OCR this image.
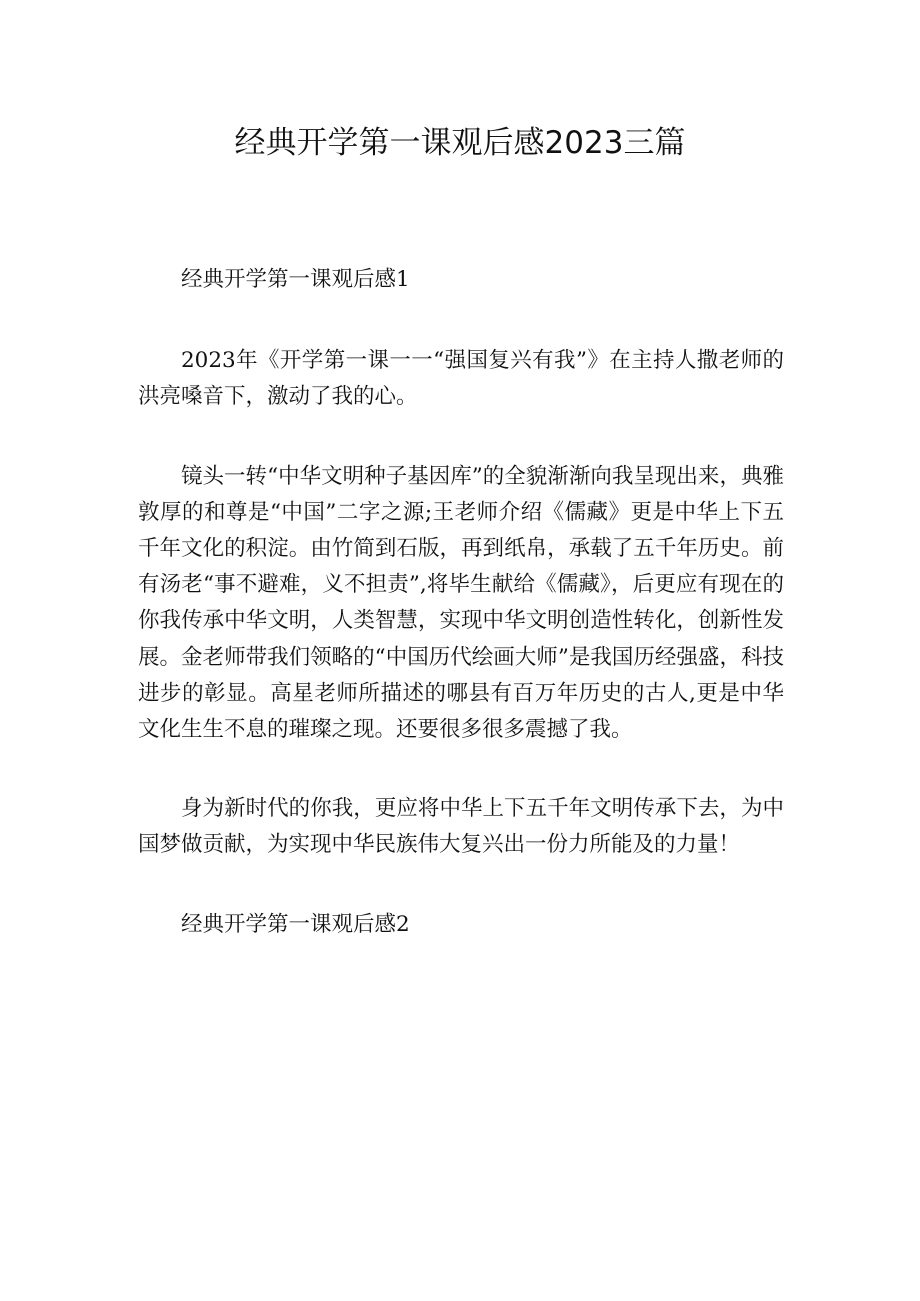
经典开学第一课观后感2023三篇

经典开学第一课观后感1

2023年《开学第一课一一“强国复兴有我”》在主持人撒老师的洪亮嗓音下，激动了我的心。

镜头一转“中华文明种子基因库”的全貌渐渐向我呈现出来，典雅敦厚的和尊是“中国”二字之源;王老师介绍《儒藏》更是中华上下五千年文化的积淀。由竹简到石版，再到纸帛，承载了五千年历史。前有汤老“事不避难，义不担责”,将毕生献给《儒藏》，后更应有现在的你我传承中华文明，人类智慧，实现中华文明创造性转化，创新性发展。金老师带我们领略的“中国历代绘画大师”是我国历经强盛，科技进步的彰显。高星老师所描述的哪县有百万年历史的古人,更是中华文化生生不息的璀璨之现。还要很多很多震撼了我。

身为新时代的你我，更应将中华上下五千年文明传承下去，为中国梦做贡献，为实现中华民族伟大复兴出一份力所能及的力量！

经典开学第一课观后感2
